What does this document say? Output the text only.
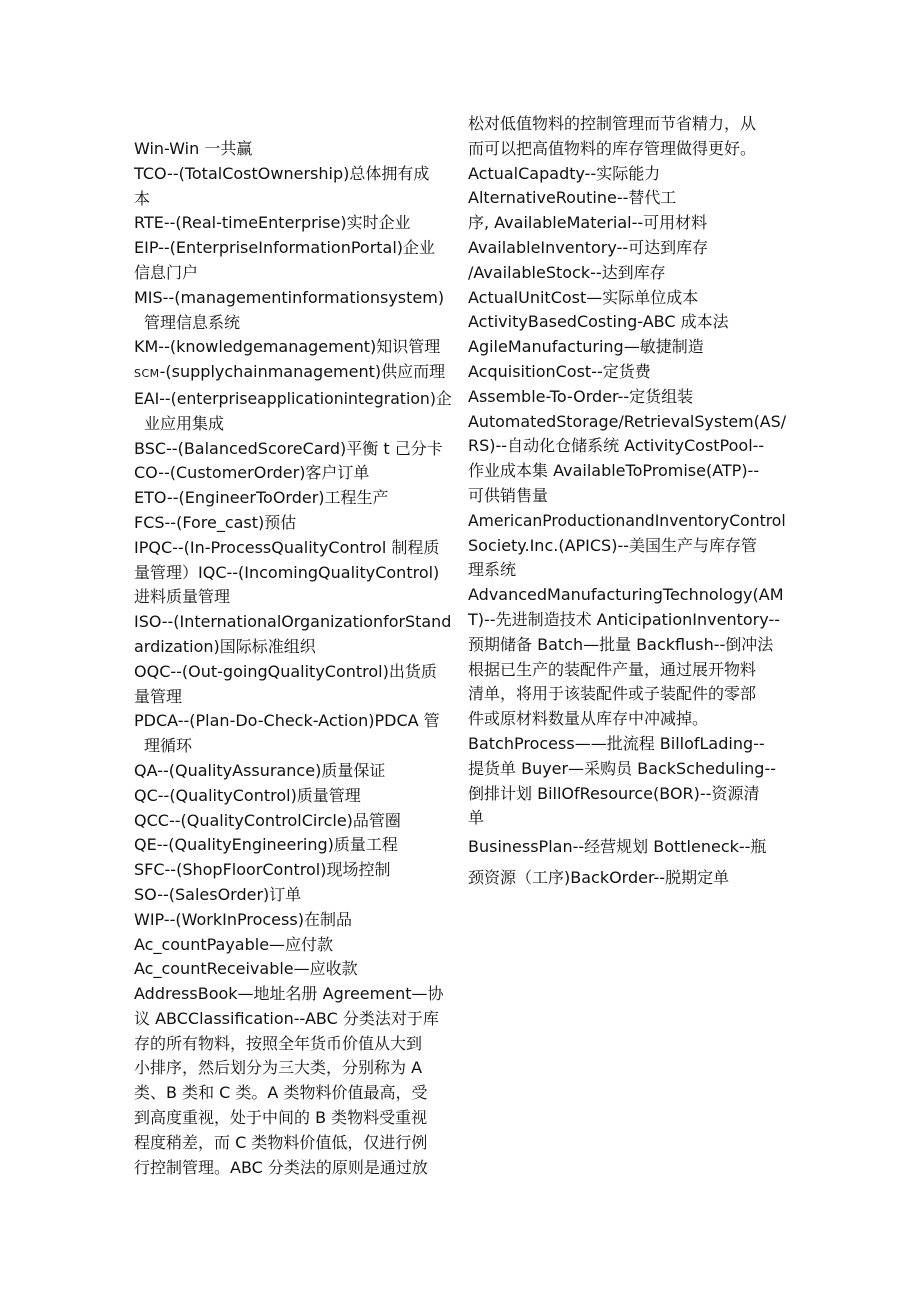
Win-Win 一共赢
TCO--(TotalCostOwnership)总体拥有成
本
RTE--(Real-timeEnterprise)实时企业
EIP--(EnterpriseInformationPortal)企业
信息门户
MIS--(managementinformationsystem)
管理信息系统
KM--(knowledgemanagement)知识管理
SCM-(supplychainmanagement)供应而理
EAI--(enterpriseapplicationintegration)企
业应用集成
BSC--(BalancedScoreCard)平衡 t 己分卡
CO--(CustomerOrder)客户订单
ETO--(EngineerToOrder)工程生产
FCS--(Fore_cast)预估
IPQC--(In-ProcessQualityControl 制程质
量管理）IQC--(IncomingQualityControl)
进料质量管理
ISO--(InternationalOrganizationforStand
ardization)国际标准组织
OQC--(Out-goingQualityControl)出货质
量管理
PDCA--(Plan-Do-Check-Action)PDCA 管
理循环
QA--(QualityAssurance)质量保证
QC--(QualityControl)质量管理
QCC--(QualityControlCircle)品管圈
QE--(QualityEngineering)质量工程
SFC--(ShopFloorControl)现场控制
SO--(SalesOrder)订单
WIP--(WorkInProcess)在制品
Ac_countPayable—应付款
Ac_countReceivable—应收款
AddressBook—地址名册 Agreement—协
议 ABCClassification--ABC 分类法对于库
存的所有物料，按照全年货币价值从大到
小排序，然后划分为三大类，分别称为 A
类、B 类和 C 类。A 类物料价值最高，受
到高度重视，处于中间的 B 类物料受重视
程度稍差，而 C 类物料价值低，仅进行例
行控制管理。ABC 分类法的原则是通过放
松对低值物料的控制管理而节省精力，从
而可以把高值物料的库存管理做得更好。
ActualCapadty--实际能力
AlternativeRoutine--替代工
序, AvailableMaterial--可用材料
AvailableInventory--可达到库存
/AvailableStock--达到库存
ActualUnitCost—实际单位成本
ActivityBasedCosting-ABC 成本法
AgileManufacturing—敏捷制造
AcquisitionCost--定货费
Assemble-To-Order--定货组装
AutomatedStorage/RetrievalSystem(AS/
RS)--自动化仓储系统 ActivityCostPool--
作业成本集 AvailableToPromise(ATP)--
可供销售量
AmericanProductionandInventoryControl
Society.Inc.(APICS)--美国生产与库存管
理系统
AdvancedManufacturingTechnology(AM
T)--先进制造技术 AnticipationInventory--
预期储备 Batch—批量 Backflush--倒冲法
根据已生产的装配件产量，通过展开物料
清单，将用于该装配件或子装配件的零部
件或原材料数量从库存中冲减掉。
BatchProcess——批流程 BillofLading--
提货单 Buyer—采购员 BackScheduling--
倒排计划 BillOfResource(BOR)--资源清
单
BusinessPlan--经营规划 Bottleneck--瓶
颈资源（工序)BackOrder--脱期定单
